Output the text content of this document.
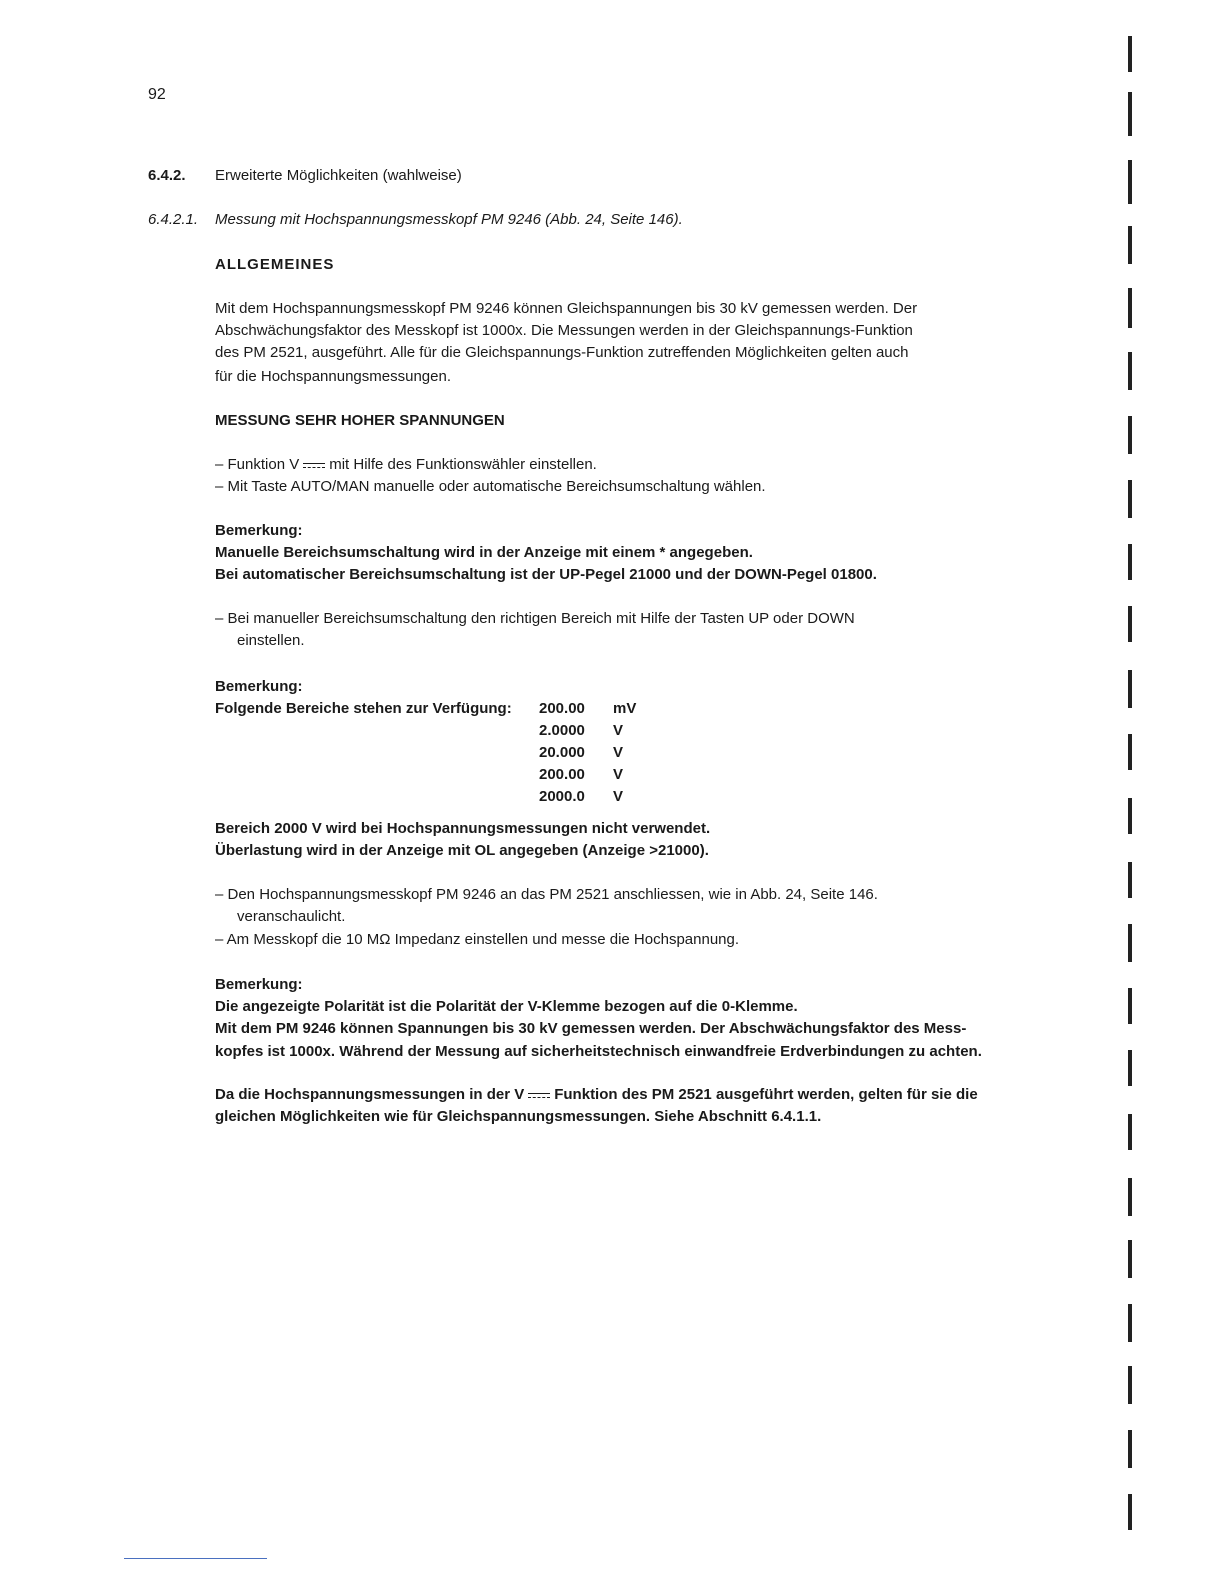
92
6.4.2. Erweiterte Möglichkeiten (wahlweise)
6.4.2.1. Messung mit Hochspannungsmesskopf PM 9246 (Abb. 24, Seite 146).
ALLGEMEINES
Mit dem Hochspannungsmesskopf PM 9246 können Gleichspannungen bis 30 kV gemessen werden. Der
Abschwächungsfaktor des Messkopf ist 1000x. Die Messungen werden in der Gleichspannungs-Funktion
des PM 2521, ausgeführt. Alle für die Gleichspannungs-Funktion zutreffenden Möglichkeiten gelten auch
für die Hochspannungsmessungen.
MESSUNG SEHR HOHER SPANNUNGEN
– Funktion V mit Hilfe des Funktionswähler einstellen.
– Mit Taste AUTO/MAN manuelle oder automatische Bereichsumschaltung wählen.
Bemerkung:
Manuelle Bereichsumschaltung wird in der Anzeige mit einem * angegeben.
Bei automatischer Bereichsumschaltung ist der UP-Pegel 21000 und der DOWN-Pegel 01800.
– Bei manueller Bereichsumschaltung den richtigen Bereich mit Hilfe der Tasten UP oder DOWN
einstellen.
Bemerkung:
Folgende Bereiche stehen zur Verfügung: 200.00	mV
2.0000	V
20.000	V
200.00	V
2000.0	V
Bereich 2000 V wird bei Hochspannungsmessungen nicht verwendet.
Überlastung wird in der Anzeige mit OL angegeben (Anzeige >21000).
– Den Hochspannungsmesskopf PM 9246 an das PM 2521 anschliessen, wie in Abb. 24, Seite 146.
veranschaulicht.
– Am Messkopf die 10 MΩ Impedanz einstellen und messe die Hochspannung.
Bemerkung:
Die angezeigte Polarität ist die Polarität der V-Klemme bezogen auf die 0-Klemme.
Mit dem PM 9246 können Spannungen bis 30 kV gemessen werden. Der Abschwächungsfaktor des Mess-
kopfes ist 1000x. Während der Messung auf sicherheitstechnisch einwandfreie Erdverbindungen zu achten.
Da die Hochspannungsmessungen in der V Funktion des PM 2521 ausgeführt werden, gelten für sie die
gleichen Möglichkeiten wie für Gleichspannungsmessungen. Siehe Abschnitt 6.4.1.1.
